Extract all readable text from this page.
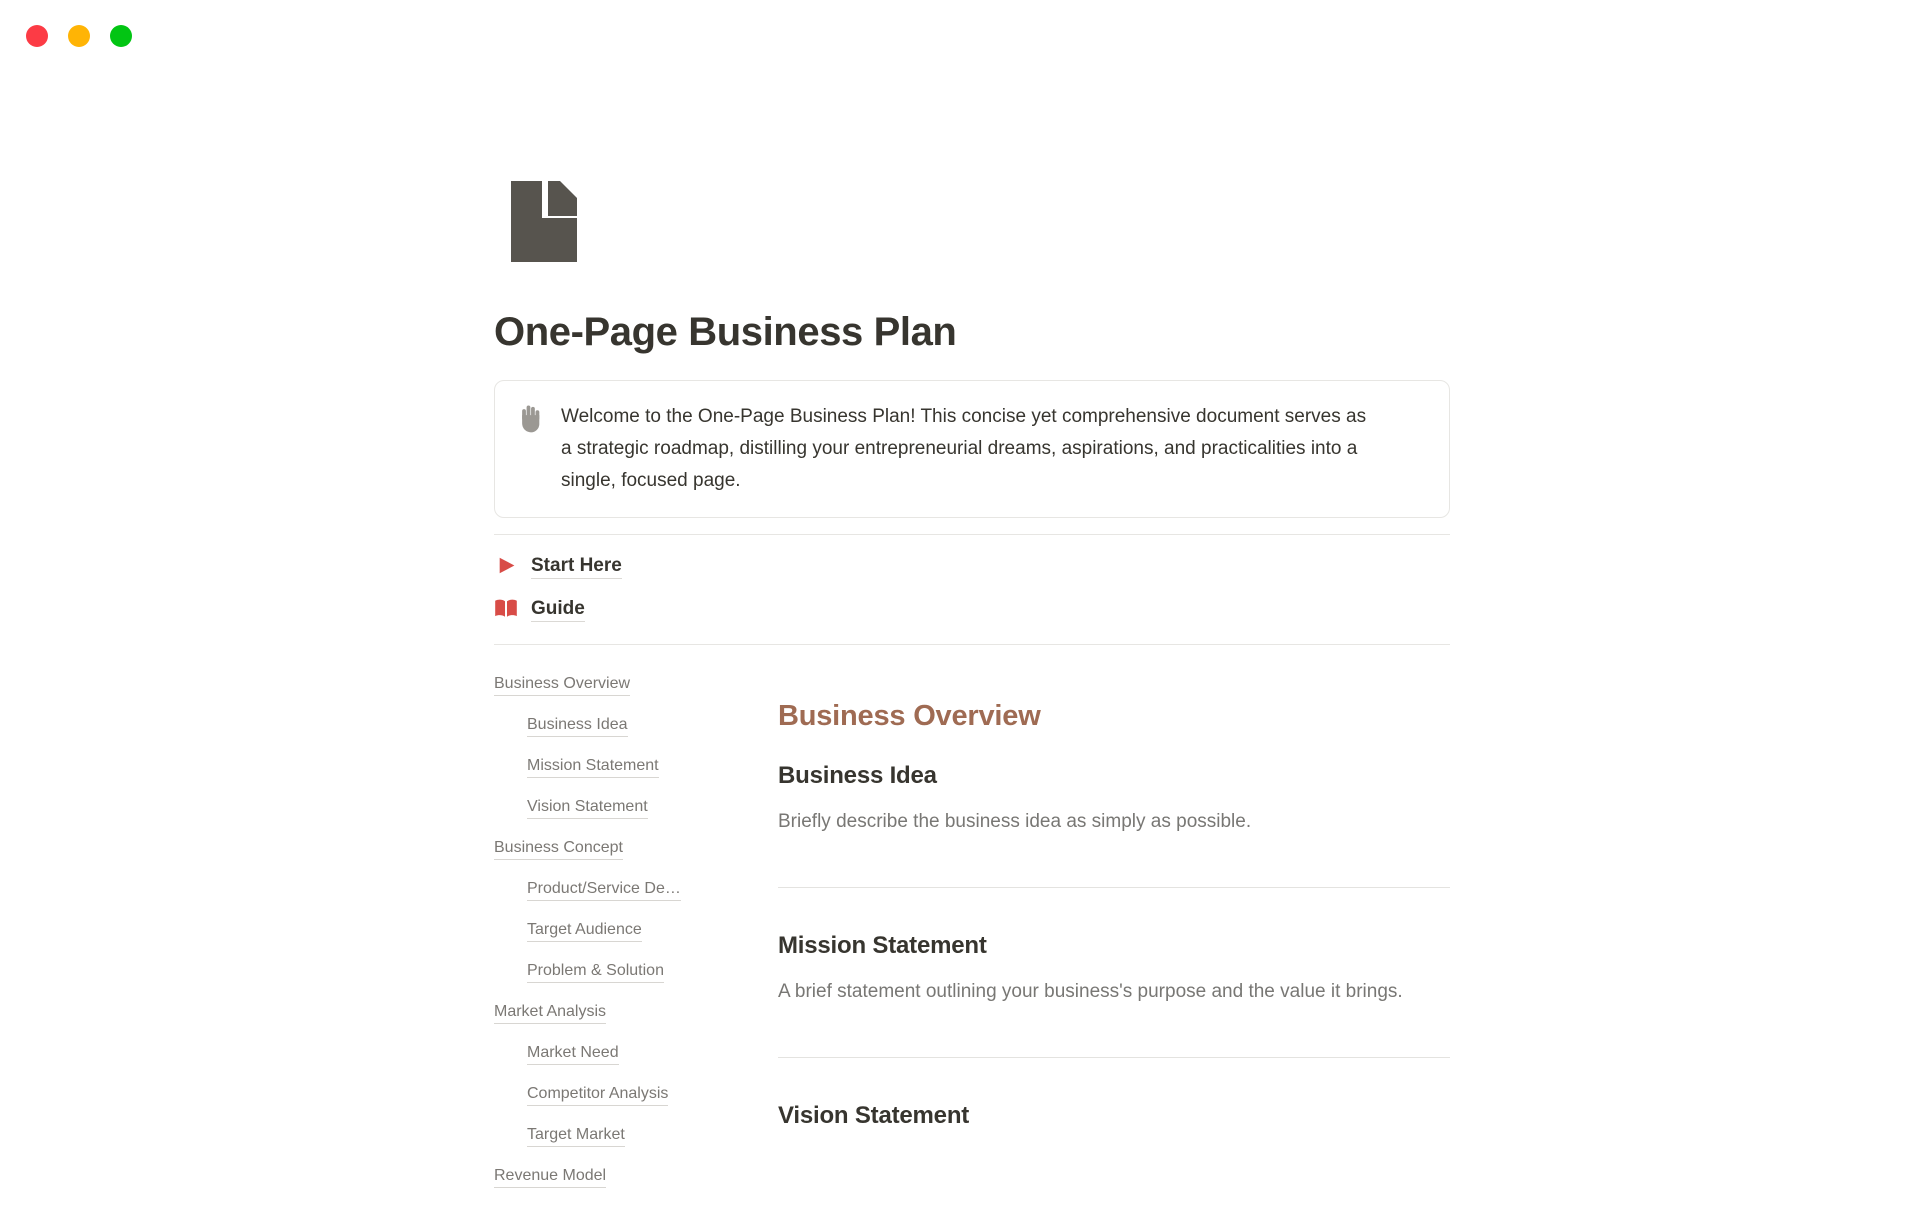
One-Page Business Plan
Welcome to the One-Page Business Plan! This concise yet comprehensive document serves as a strategic roadmap, distilling your entrepreneurial dreams, aspirations, and practicalities into a single, focused page.
Start Here
Guide
Business Overview
Business Idea
Mission Statement
Vision Statement
Business Concept
Product/Service De…
Target Audience
Problem & Solution
Market Analysis
Market Need
Competitor Analysis
Target Market
Revenue Model
Business Overview
Business Idea

Briefly describe the business idea as simply as possible.

Mission Statement

A brief statement outlining your business's purpose and the value it brings.

Vision Statement
